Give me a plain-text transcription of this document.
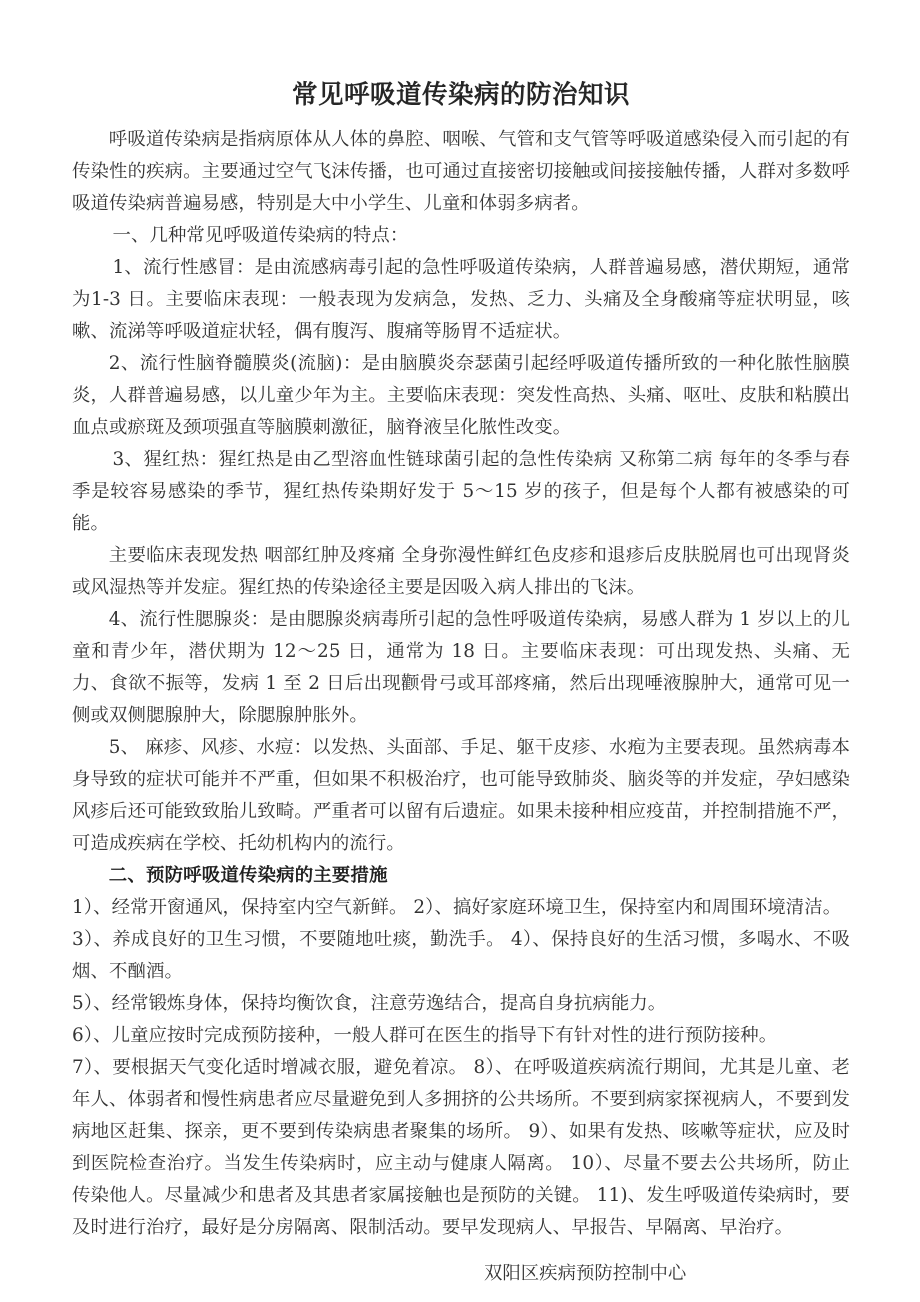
常见呼吸道传染病的防治知识

呼吸道传染病是指病原体从人体的鼻腔、咽喉、气管和支气管等呼吸道感染侵入而引起的有传染性的疾病。主要通过空气飞沫传播，也可通过直接密切接触或间接接触传播，人群对多数呼吸道传染病普遍易感，特别是大中小学生、儿童和体弱多病者。

一、几种常见呼吸道传染病的特点：

1、流行性感冒：是由流感病毒引起的急性呼吸道传染病，人群普遍易感，潜伏期短，通常为1-3 日。主要临床表现：一般表现为发病急，发热、乏力、头痛及全身酸痛等症状明显，咳嗽、流涕等呼吸道症状轻，偶有腹泻、腹痛等肠胃不适症状。

2、流行性脑脊髓膜炎(流脑)：是由脑膜炎奈瑟菌引起经呼吸道传播所致的一种化脓性脑膜炎，人群普遍易感，以儿童少年为主。主要临床表现：突发性高热、头痛、呕吐、皮肤和粘膜出血点或瘀斑及颈项强直等脑膜刺激征，脑脊液呈化脓性改变。

3、猩红热：猩红热是由乙型溶血性链球菌引起的急性传染病 又称第二病 每年的冬季与春季是较容易感染的季节，猩红热传染期好发于 5～15 岁的孩子，但是每个人都有被感染的可能。

主要临床表现发热 咽部红肿及疼痛 全身弥漫性鲜红色皮疹和退疹后皮肤脱屑也可出现肾炎或风湿热等并发症。猩红热的传染途径主要是因吸入病人排出的飞沫。

4、流行性腮腺炎：是由腮腺炎病毒所引起的急性呼吸道传染病，易感人群为 1 岁以上的儿童和青少年，潜伏期为 12～25 日，通常为 18 日。主要临床表现：可出现发热、头痛、无力、食欲不振等，发病 1 至 2 日后出现颧骨弓或耳部疼痛，然后出现唾液腺肿大，通常可见一侧或双侧腮腺肿大，除腮腺肿胀外。

5、 麻疹、风疹、水痘：以发热、头面部、手足、躯干皮疹、水疱为主要表现。虽然病毒本身导致的症状可能并不严重，但如果不积极治疗，也可能导致肺炎、脑炎等的并发症，孕妇感染风疹后还可能致致胎儿致畸。严重者可以留有后遗症。如果未接种相应疫苗，并控制措施不严，可造成疾病在学校、托幼机构内的流行。

二、预防呼吸道传染病的主要措施

1）、经常开窗通风，保持室内空气新鲜。 2）、搞好家庭环境卫生，保持室内和周围环境清洁。

3）、养成良好的卫生习惯，不要随地吐痰，勤洗手。 4）、保持良好的生活习惯，多喝水、不吸烟、不酗酒。

5）、经常锻炼身体，保持均衡饮食，注意劳逸结合，提高自身抗病能力。

6）、儿童应按时完成预防接种，一般人群可在医生的指导下有针对性的进行预防接种。

7）、要根据天气变化适时增减衣服，避免着凉。 8）、在呼吸道疾病流行期间，尤其是儿童、老年人、体弱者和慢性病患者应尽量避免到人多拥挤的公共场所。不要到病家探视病人，不要到发病地区赶集、探亲，更不要到传染病患者聚集的场所。 9）、如果有发热、咳嗽等症状，应及时到医院检查治疗。当发生传染病时，应主动与健康人隔离。 10）、尽量不要去公共场所，防止传染他人。尽量减少和患者及其患者家属接触也是预防的关键。 11)、发生呼吸道传染病时，要及时进行治疗，最好是分房隔离、限制活动。要早发现病人、早报告、早隔离、早治疗。

双阳区疾病预防控制中心
